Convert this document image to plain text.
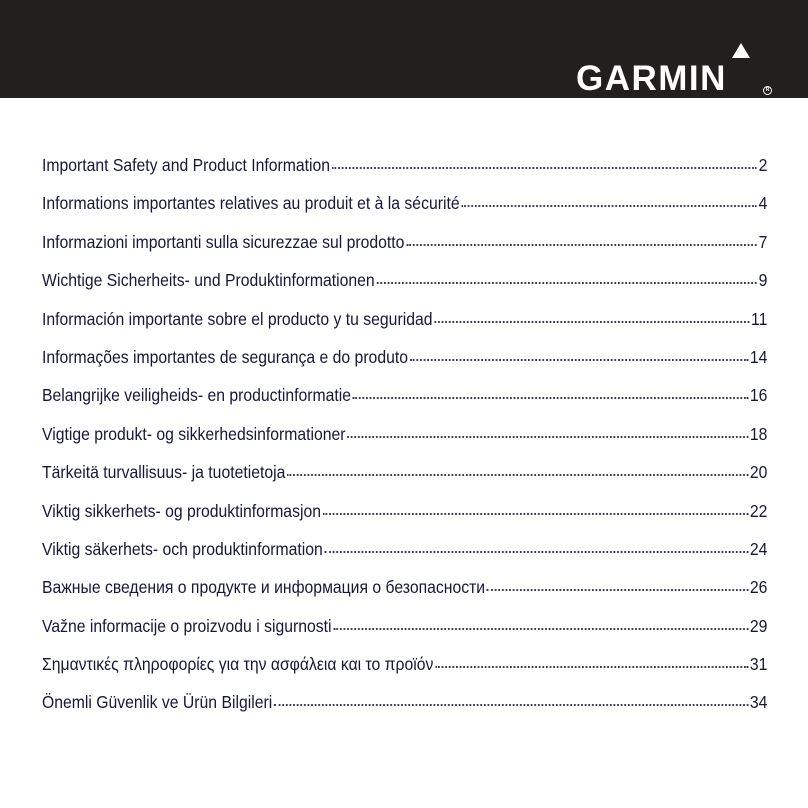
GARMIN	R
Important Safety and Product Information	2
Informations importantes relatives au produit et à la sécurité	4
Informazioni importanti sulla sicurezzae sul prodotto	7
Wichtige Sicherheits- und Produktinformationen	9
Información importante sobre el producto y tu seguridad	11
Informações importantes de segurança e do produto	14
Belangrijke veiligheids- en productinformatie	16
Vigtige produkt- og sikkerhedsinformationer	18
Tärkeitä turvallisuus- ja tuotetietoja	20
Viktig sikkerhets- og produktinformasjon	22
Viktig säkerhets- och produktinformation	24
Важные сведения о продукте и информация о безопасности	26
Važne informacije o proizvodu i sigurnosti	29
Σημαντικές πληροφορίες για την ασφάλεια και το προϊόν	31
Önemli Güvenlik ve Ürün Bilgileri	34
